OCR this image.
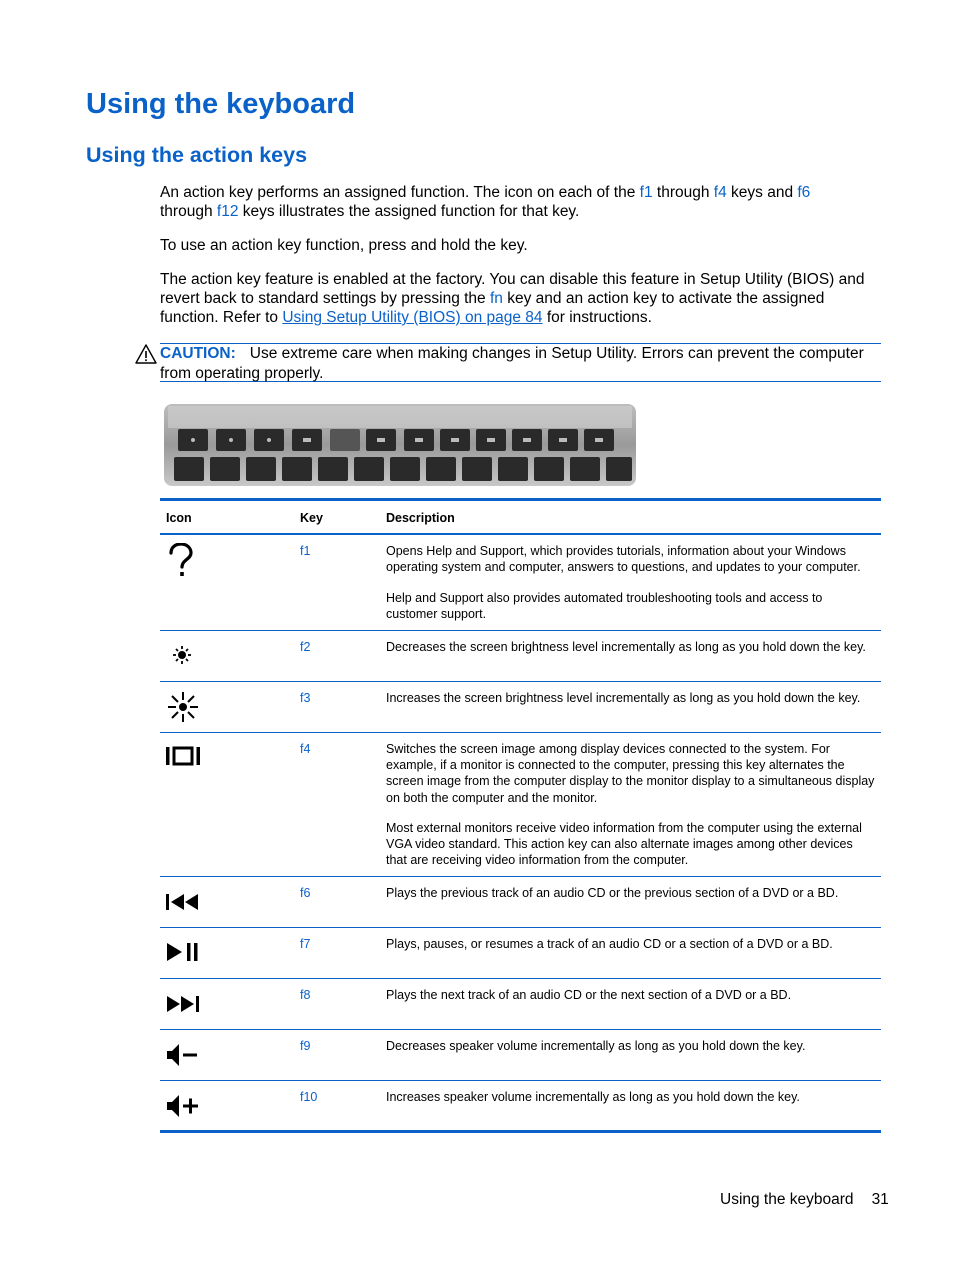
Using the keyboard
Using the action keys

An action key performs an assigned function. The icon on each of the f1 through f4 keys and f6
through f12 keys illustrates the assigned function for that key.

To use an action key function, press and hold the key.

The action key feature is enabled at the factory. You can disable this feature in Setup Utility (BIOS) and revert back to standard settings by pressing the fn key and an action key to activate the assigned function. Refer to Using Setup Utility (BIOS) on page 84 for instructions.

CAUTION: Use extreme care when making changes in Setup Utility. Errors can prevent the computer from operating properly.
Icon	Key	Description

	f1	Opens Help and Support, which provides tutorials, information about your Windows operating system and computer, answers to questions, and updates to your computer.

Help and Support also provides automated troubleshooting tools and access to customer support.

	f2	Decreases the screen brightness level incrementally as long as you hold down the key.

	f3	Increases the screen brightness level incrementally as long as you hold down the key.

	f4	Switches the screen image among display devices connected to the system. For example, if a monitor is connected to the computer, pressing this key alternates the screen image from the computer display to the monitor display to a simultaneous display on both the computer and the monitor.

Most external monitors receive video information from the computer using the external VGA video standard. This action key can also alternate images among other devices that are receiving video information from the computer.

	f6	Plays the previous track of an audio CD or the previous section of a DVD or a BD.

	f7	Plays, pauses, or resumes a track of an audio CD or a section of a DVD or a BD.

	f8	Plays the next track of an audio CD or the next section of a DVD or a BD.

	f9	Decreases speaker volume incrementally as long as you hold down the key.

	f10	Increases speaker volume incrementally as long as you hold down the key.

Using the keyboard 31
